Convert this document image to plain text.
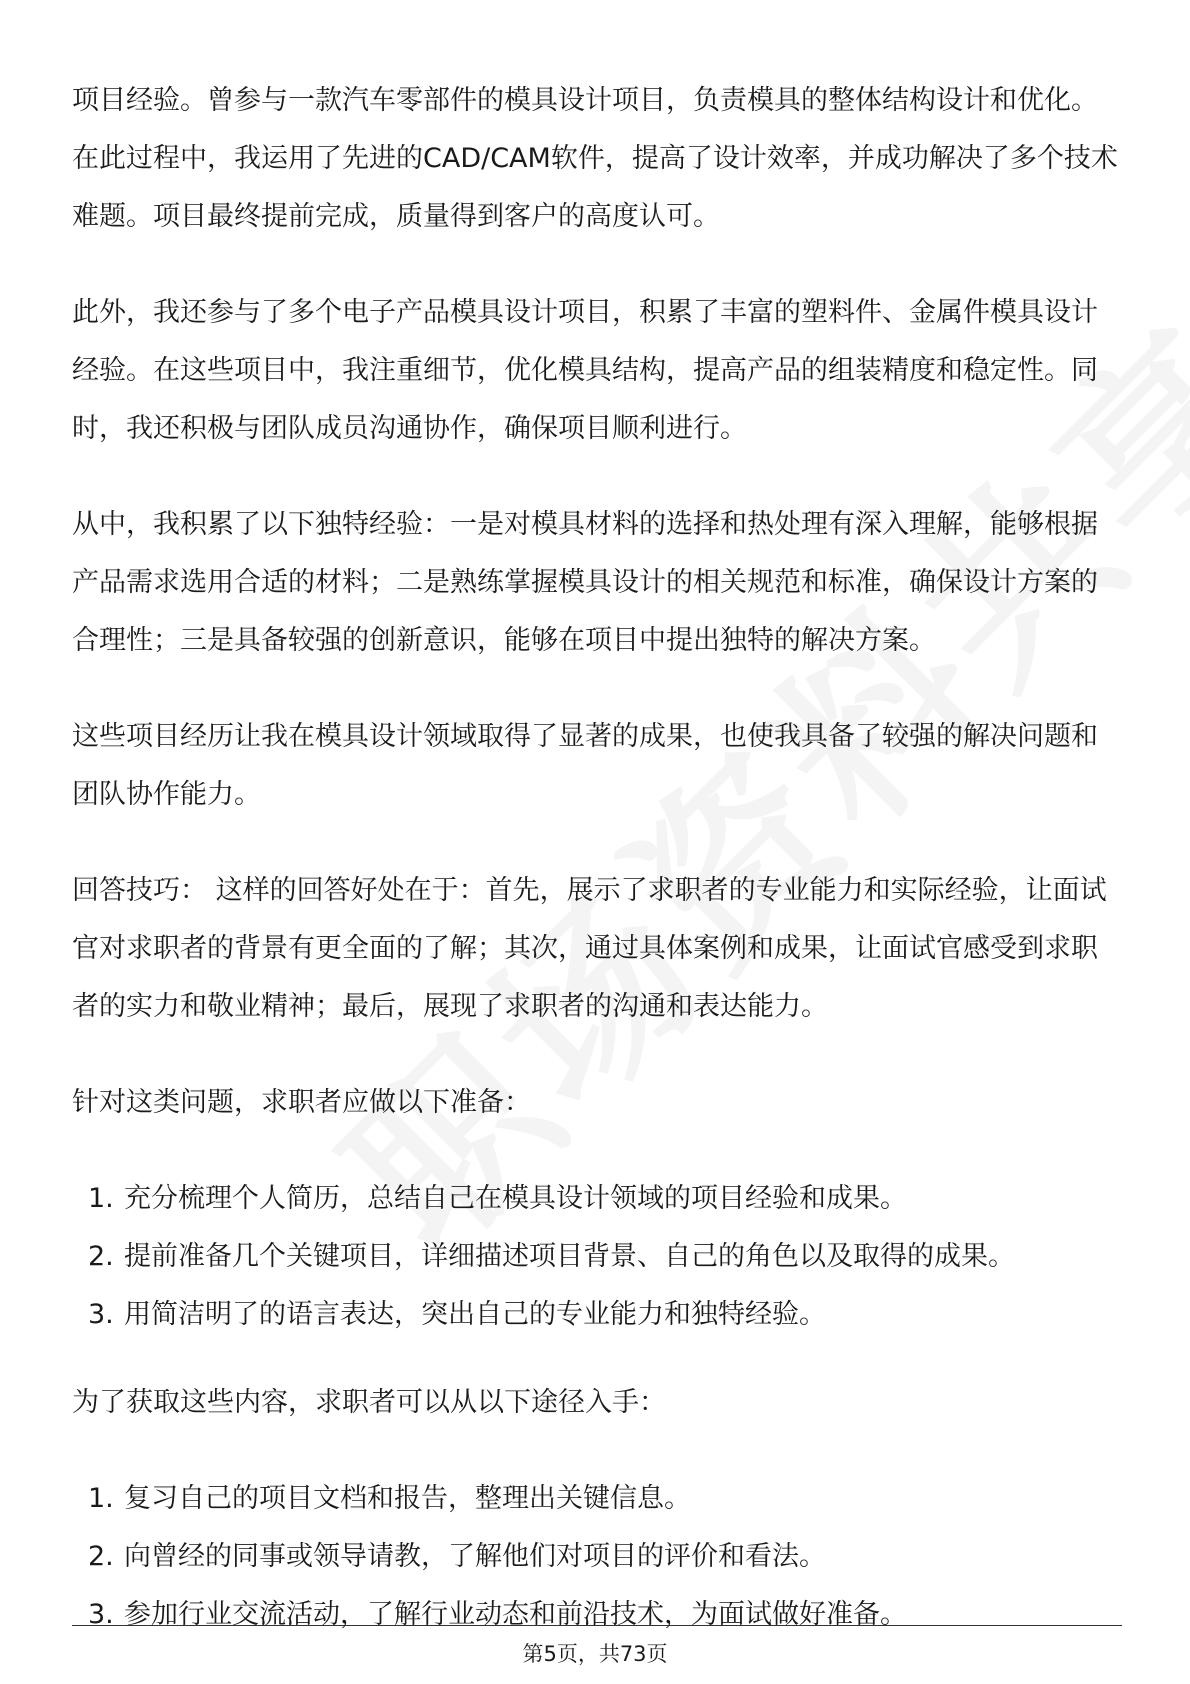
项目经验。曾参与一款汽车零部件的模具设计项目，负责模具的整体结构设计和优化。在此过程中，我运用了先进的CAD/CAM软件，提高了设计效率，并成功解决了多个技术难题。项目最终提前完成，质量得到客户的高度认可。

此外，我还参与了多个电子产品模具设计项目，积累了丰富的塑料件、金属件模具设计经验。在这些项目中，我注重细节，优化模具结构，提高产品的组装精度和稳定性。同时，我还积极与团队成员沟通协作，确保项目顺利进行。

从中，我积累了以下独特经验：一是对模具材料的选择和热处理有深入理解，能够根据产品需求选用合适的材料；二是熟练掌握模具设计的相关规范和标准，确保设计方案的合理性；三是具备较强的创新意识，能够在项目中提出独特的解决方案。

这些项目经历让我在模具设计领域取得了显著的成果，也使我具备了较强的解决问题和团队协作能力。

回答技巧： 这样的回答好处在于：首先，展示了求职者的专业能力和实际经验，让面试官对求职者的背景有更全面的了解；其次，通过具体案例和成果，让面试官感受到求职者的实力和敬业精神；最后，展现了求职者的沟通和表达能力。

针对这类问题，求职者应做以下准备：

1. 充分梳理个人简历，总结自己在模具设计领域的项目经验和成果。
2. 提前准备几个关键项目，详细描述项目背景、自己的角色以及取得的成果。
3. 用简洁明了的语言表达，突出自己的专业能力和独特经验。

为了获取这些内容，求职者可以从以下途径入手：

1. 复习自己的项目文档和报告，整理出关键信息。
2. 向曾经的同事或领导请教，了解他们对项目的评价和看法。
3. 参加行业交流活动，了解行业动态和前沿技术，为面试做好准备。
第5页，共73页
